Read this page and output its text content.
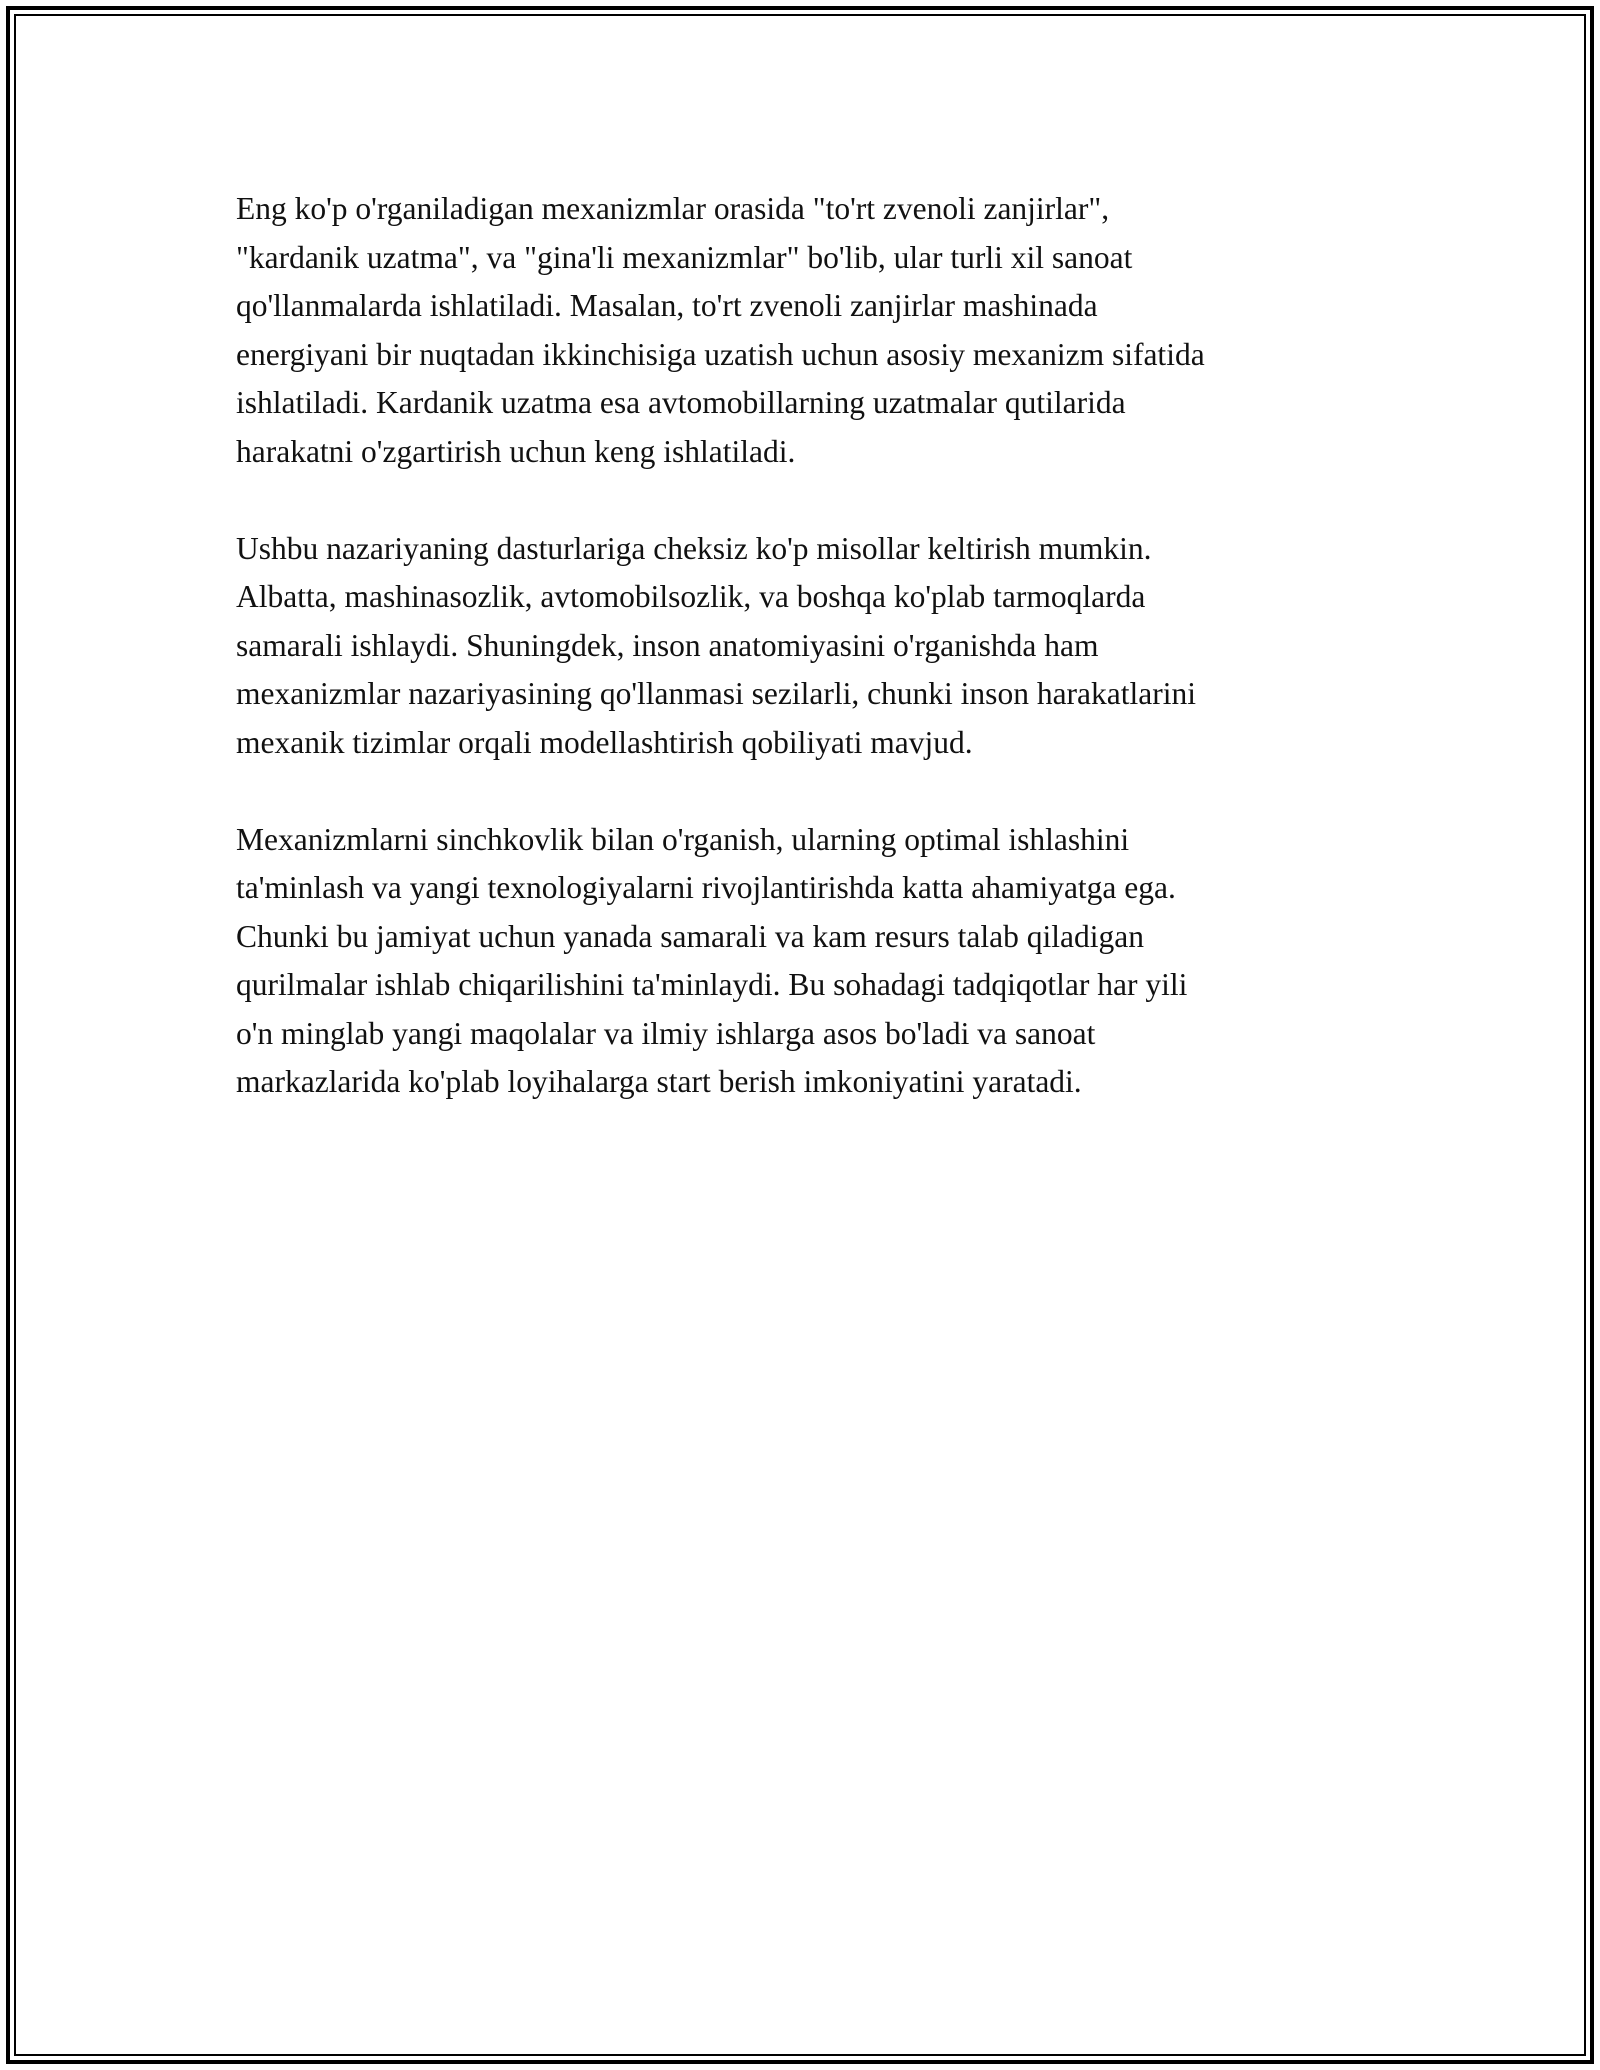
Eng ko'p o'rganiladigan mexanizmlar orasida "to'rt zvenoli zanjirlar",
"kardanik uzatma", va "gina'li mexanizmlar" bo'lib, ular turli xil sanoat
qo'llanmalarda ishlatiladi. Masalan, to'rt zvenoli zanjirlar mashinada
energiyani bir nuqtadan ikkinchisiga uzatish uchun asosiy mexanizm sifatida
ishlatiladi. Kardanik uzatma esa avtomobillarning uzatmalar qutilarida
harakatni o'zgartirish uchun keng ishlatiladi.

Ushbu nazariyaning dasturlariga cheksiz ko'p misollar keltirish mumkin.
Albatta, mashinasozlik, avtomobilsozlik, va boshqa ko'plab tarmoqlarda
samarali ishlaydi. Shuningdek, inson anatomiyasini o'rganishda ham
mexanizmlar nazariyasining qo'llanmasi sezilarli, chunki inson harakatlarini
mexanik tizimlar orqali modellashtirish qobiliyati mavjud.

Mexanizmlarni sinchkovlik bilan o'rganish, ularning optimal ishlashini
ta'minlash va yangi texnologiyalarni rivojlantirishda katta ahamiyatga ega.
Chunki bu jamiyat uchun yanada samarali va kam resurs talab qiladigan
qurilmalar ishlab chiqarilishini ta'minlaydi. Bu sohadagi tadqiqotlar har yili
o'n minglab yangi maqolalar va ilmiy ishlarga asos bo'ladi va sanoat
markazlarida ko'plab loyihalarga start berish imkoniyatini yaratadi.
